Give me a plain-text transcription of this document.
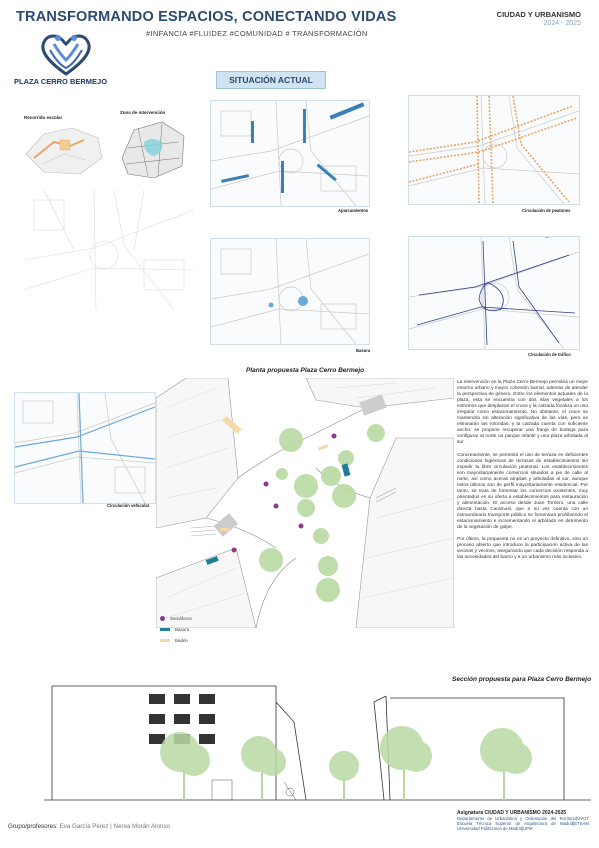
TRANSFORMANDO ESPACIOS, CONECTANDO VIDAS
#INFANCIA #FLUIDEZ #COMUNIDAD # TRANSFORMACIÓN
CIUDAD Y URBANISMO
2024 - 2025
PLAZA CERRO BERMEJO	SITUACIÓN ACTUAL
Recorrido escolar
Zona de intervención
Aparcamientos	Circulación de peatones
Basura
Circulación de tráfico
Planta propuesta Plaza Cerro Bermejo
Circulación vehicular
Semáforos
Basura
Badén

La intervención en la Plaza Cerro Bermejo permitirá un mejor entorno urbano y mayor cohesión barrial, además de atender la perspectiva de género. Entre los elementos actuales de la plaza, esta se encuentra con dos islas vegetales a los extremos que desplazan el cruce y la calzada focaliza un uso irregular como estacionamiento. No obstante, el cruce se mantendrá sin alteración significativa de las vías, pero se eliminarán las rotondas, y la calzada cuenta con suficiente ancho; se propone recuperar una franja de bodega para configurar al norte un parque infantil y una plaza arbolada al sur.

Concretamente, se permitirá el uso de terraza en deficientes condiciones higiénicas de terrazas de establecimientos sin impedir la libre circulación peatonal. Los establecimientos son mayoritariamente comercios situados a pie de calle al norte, así como aceras amplias y arboladas al sur, aunque estos últimos son de perfil mayoritariamente residencial. Por tanto, se trata de fomentar los comercios existentes, muy orientados en su oferta a establecimientos para restauración y alimentación. El acceso desde Juan Tornero, una calle directa hasta Caramuel, que a su vez cuenta con un extraordinario transporte público se fomentará prohibiendo el estacionamiento e incrementando el arbolado en detrimento de la vegetación de golpe.

Por último, la propuesta no es un proyecto definitivo, sino un proceso abierto que introduce la participación activa de las vecinas y vecinos, asegurando que cada decisión responda a las necesidades del barrio y a un urbanismo más inclusivo.

Sección propuesta para Plaza Cerro Bermejo
Grupo/profesores: Eva García Pérez | Nerea Morán Alonso
Asignatura CIUDAD Y URBANISMO 2024-2025
Departamento de Urbanística y Ordenación del Territorio|UVOT Escuela Técnica Superior de Arquitectura de Madrid|ETSAM Universidad Politécnica de Madrid|UPM
